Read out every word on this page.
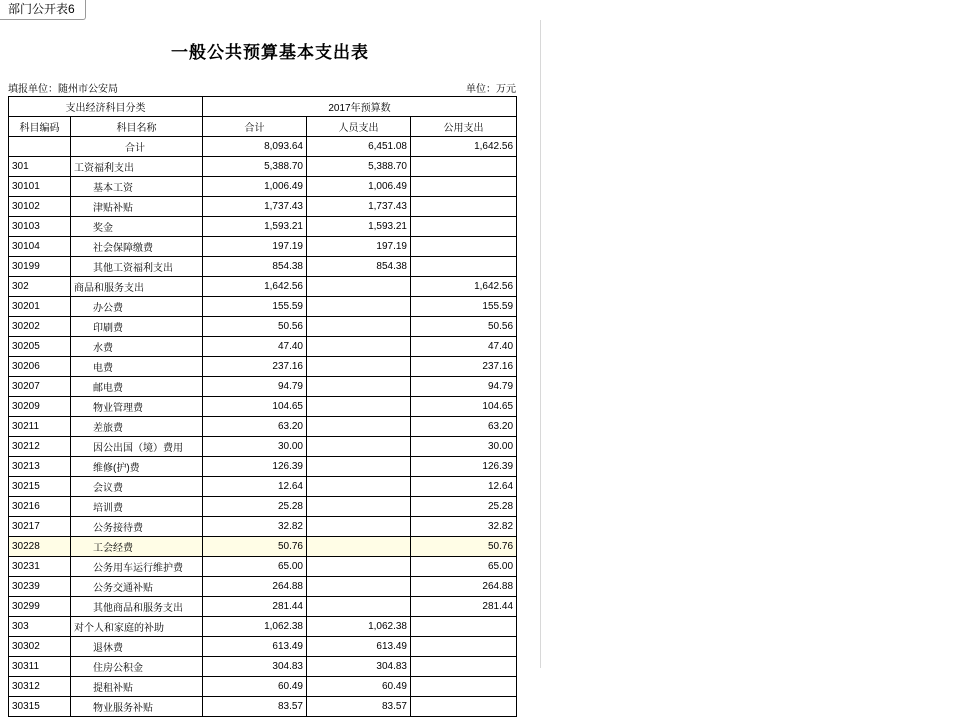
部门公开表6
一般公共预算基本支出表
填报单位：随州市公安局	单位：万元
支出经济科目分类		2017年预算数		
科目编码	科目名称	合计	人员支出	公用支出
	合计	8,093.64	6,451.08	1,642.56
301	工资福利支出	5,388.70	5,388.70	
30101	基本工资	1,006.49	1,006.49	
30102	津贴补贴	1,737.43	1,737.43	
30103	奖金	1,593.21	1,593.21	
30104	社会保障缴费	197.19	197.19	
30199	其他工资福利支出	854.38	854.38	
302	商品和服务支出	1,642.56		1,642.56
30201	办公费	155.59		155.59
30202	印刷费	50.56		50.56
30205	水费	47.40		47.40
30206	电费	237.16		237.16
30207	邮电费	94.79		94.79
30209	物业管理费	104.65		104.65
30211	差旅费	63.20		63.20
30212	因公出国（境）费用	30.00		30.00
30213	维修(护)费	126.39		126.39
30215	会议费	12.64		12.64
30216	培训费	25.28		25.28
30217	公务接待费	32.82		32.82
30228	工会经费	50.76		50.76
30231	公务用车运行维护费	65.00		65.00
30239	公务交通补贴	264.88		264.88
30299	其他商品和服务支出	281.44		281.44
303	对个人和家庭的补助	1,062.38	1,062.38	
30302	退休费	613.49	613.49	
30311	住房公积金	304.83	304.83	
30312	提租补贴	60.49	60.49	
30315	物业服务补贴	83.57	83.57	
